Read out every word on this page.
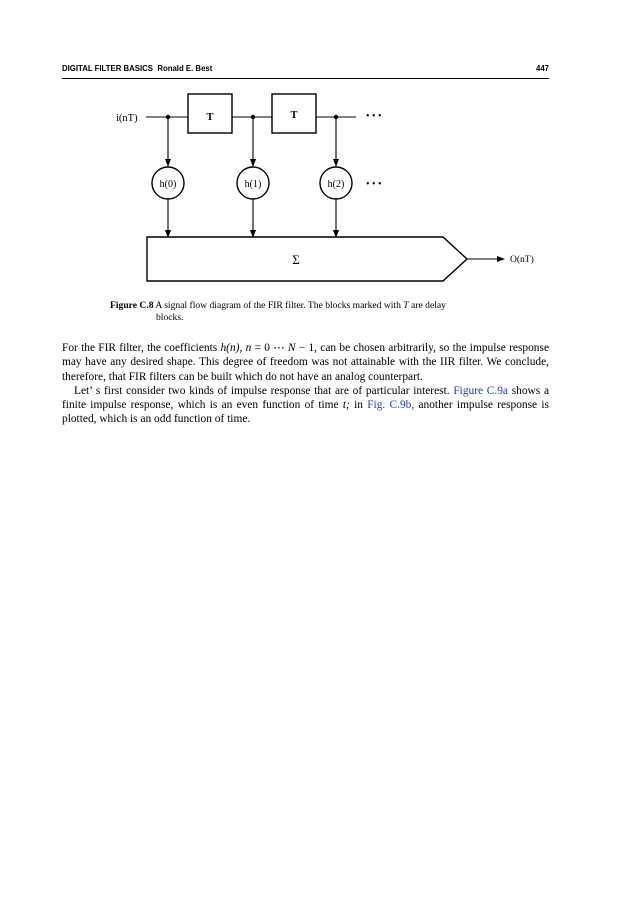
DIGITAL FILTER BASICS Ronald E. Best	447
i(nT)	T	T	• • •
h(0)	h(1)	h(2) • • •
Σ	O(nT)
Figure C.8 A signal flow diagram of the FIR filter. The blocks marked with T are delay
blocks.

For the FIR filter, the coefficients h(n), n = 0 ⋯ N − 1, can be chosen arbitrarily, so the impulse response may have any desired shape. This degree of freedom was not attainable with the IIR filter. We conclude, therefore, that FIR filters can be built which do not have an analog counterpart.

Let’ s first consider two kinds of impulse response that are of particular interest. Figure C.9a shows a finite impulse response, which is an even function of time t; in Fig. C.9b, another impulse response is plotted, which is an odd function of time.
